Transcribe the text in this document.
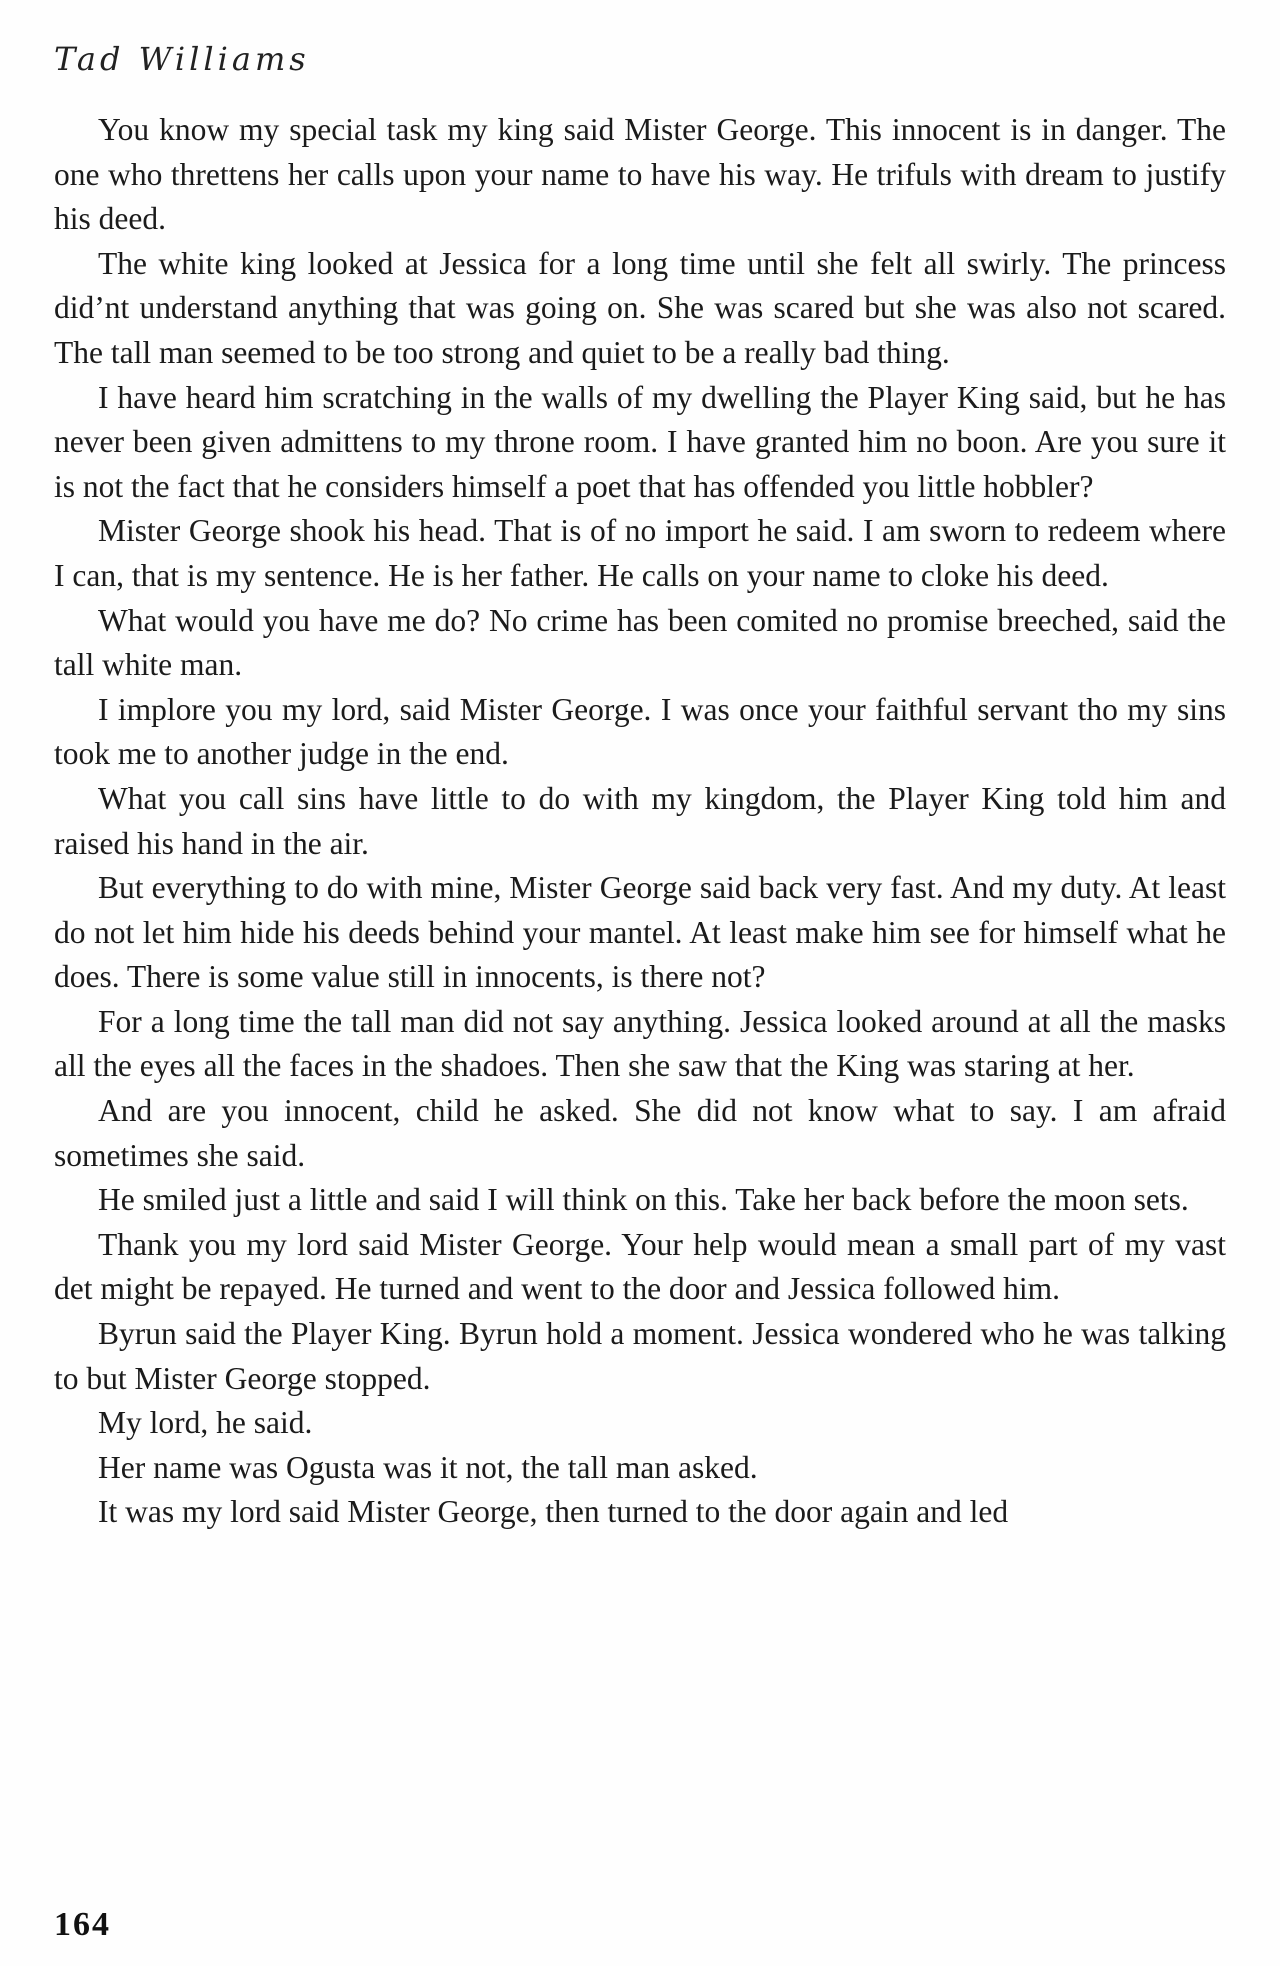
Tad Williams

You know my special task my king said Mister George. This innocent is in danger. The one who threttens her calls upon your name to have his way. He trifuls with dream to justify his deed.

The white king looked at Jessica for a long time until she felt all swirly. The princess did’nt understand anything that was going on. She was scared but she was also not scared. The tall man seemed to be too strong and quiet to be a really bad thing.

I have heard him scratching in the walls of my dwelling the Player King said, but he has never been given admittens to my throne room. I have granted him no boon. Are you sure it is not the fact that he considers himself a poet that has offended you little hobbler?

Mister George shook his head. That is of no import he said. I am sworn to redeem where I can, that is my sentence. He is her father. He calls on your name to cloke his deed.

What would you have me do? No crime has been comited no promise breeched, said the tall white man.

I implore you my lord, said Mister George. I was once your faithful servant tho my sins took me to another judge in the end.

What you call sins have little to do with my kingdom, the Player King told him and raised his hand in the air.

But everything to do with mine, Mister George said back very fast. And my duty. At least do not let him hide his deeds behind your mantel. At least make him see for himself what he does. There is some value still in innocents, is there not?

For a long time the tall man did not say anything. Jessica looked around at all the masks all the eyes all the faces in the shadoes. Then she saw that the King was staring at her.

And are you innocent, child he asked. She did not know what to say. I am afraid sometimes she said.

He smiled just a little and said I will think on this. Take her back before the moon sets.

Thank you my lord said Mister George. Your help would mean a small part of my vast det might be repayed. He turned and went to the door and Jessica followed him.

Byrun said the Player King. Byrun hold a moment. Jessica wondered who he was talking to but Mister George stopped.

My lord, he said.

Her name was Ogusta was it not, the tall man asked.

It was my lord said Mister George, then turned to the door again and led

164
